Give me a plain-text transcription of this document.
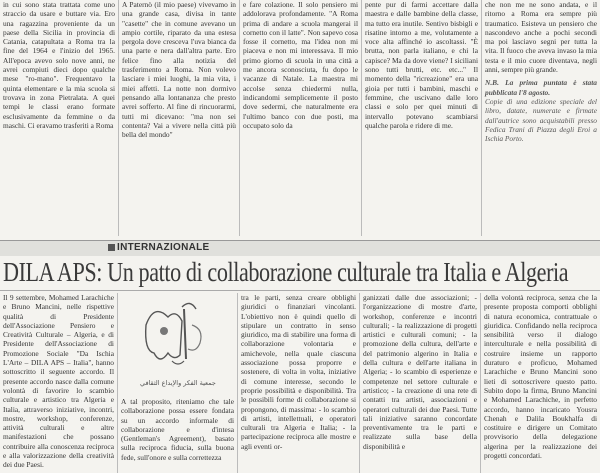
in cui sono stata trattata come uno straccio da usare e buttare via. Ero una ragazzina proveniente da un paese della Sicilia in provincia di Catania, catapultata a Roma tra la fine del 1964 e l'inizio del 1965. All'epoca avevo solo nove anni, ne avrei compiuti dieci dopo qualche mese "ro-mano". Frequentavo la quinta elementare e la mia scuola si trovava in zona Pietralata. A quei tempi le classi erano formate esclusivamente da femmine o da maschi. Ci eravamo trasferiti a Roma

A Paternò (il mio paese) vivevamo in una grande casa, divisa in tante "casette" che in comune avevano un ampio cortile, riparato da una estesa pergola dove cresceva l'uva bianca da una parte e nera dall'altra parte. Ero felice fino alla notizia del trasferimento a Roma. Non volevo lasciare i miei luoghi, la mia vita, i miei affetti. La notte non dormivo pensando alla lontananza che presto avrei sofferto. Al fine di rincuorarmi, tutti mi dicevano: "ma non sei contenta? Vai a vivere nella città più bella del mondo"

e fare colazione. Il solo pensiero mi addolorava profondamente. "A Roma prima di andare a scuola mangerai il cornetto con il latte". Non sapevo cosa fosse il cornetto, ma l'idea non mi piaceva e non mi interessava. Il mio primo giorno di scuola in una città a me ancora sconosciuta, fu dopo le vacanze di Natale. La maestra mi accolse senza chiedermi nulla, indicandomi semplicemente il posto dove sedermi, che naturalmente era l'ultimo banco con due posti, ma occupato solo da

pente pur di farmi accettare dalla maestra e dalle bambine della classe, ma tutto era inutile. Sentivo bisbigli e risatine intorno a me, volutamente a voce alta affinché io ascoltassi. "È brutta, non parla italiano, e chi la capisce? Ma da dove viene? I siciliani sono tutti brutti, etc. etc..." Il momento della "ricreazione" era una gioia per tutti i bambini, maschi e femmine, che uscivano dalle loro classi e solo per quei minuti di intervallo potevano scambiarsi qualche parola e ridere di me.

che non me ne sono andata, e il ritorno a Roma era sempre più traumatico. Esisteva un pensiero che nascondevo anche a pochi secondi ma poi lasciavo segni per tutta la vita. Il fuoco che aveva invaso la mia testa e il mio cuore diventava, negli anni, sempre più grande.

N.B. La prima puntata è stata pubblicata l'8 agosto.

Copie di una edizione speciale del libro, datate, numerate e firmate dall'autrice sono acquistabili presso Fedica Trani di Piazza degli Eroi a Ischia Porto.

INTERNAZIONALE
DILA APS: Un patto di collaborazione culturale tra Italia e Algeria

Il 9 settembre, Mohamed Larachiche e Bruno Mancini, nelle rispettive qualità di Presidente dell'Associazione Pensiero e Creatività Culturale – Algeria, e di Presidente dell'Associazione di Promozione Sociale "Da Ischia L'Arte – DILA APS – Italia", hanno sottoscritto il seguente accordo. Il presente accordo nasce dalla comune volontà di favorire lo scambio culturale e artistico tra Algeria e Italia, attraverso iniziative, incontri, mostre, workshop, conferenze, attività culturali e altre manifestazioni che possano contribuire alla conoscenza reciproca e alla valorizzazione della creatività dei due Paesi.

جمعية الفكر والإبداع الثقافي

A tal proposito, riteniamo che tale collaborazione possa essere fondata su un accordo informale di collaborazione e d'intesa (Gentleman's Agreement), basato sulla reciproca fiducia, sulla buona fede, sull'onore e sulla correttezza

tra le parti, senza creare obblighi giuridici o finanziari vincolanti. L'obiettivo non è quindi quello di stipulare un contratto in senso giuridico, ma di stabilire una forma di collaborazione volontaria e amichevole, nella quale ciascuna associazione possa proporre e sostenere, di volta in volta, iniziative di comune interesse, secondo le proprie possibilità e disponibilità. Tra le possibili forme di collaborazione si propongono, di massima: - lo scambio di artisti, intellettuali, e operatori culturali tra Algeria e Italia; - la partecipazione reciproca alle mostre e agli eventi or-

ganizzati dalle due associazioni; - l'organizzazione di mostre d'arte, workshop, conferenze e incontri culturali; - la realizzazione di progetti artistici e culturali comuni; - la promozione della cultura, dell'arte e del patrimonio algerino in Italia e della cultura e dell'arte italiana in Algeria; - lo scambio di esperienze e competenze nel settore culturale e artistico; - la creazione di una rete di contatti tra artisti, associazioni e operatori culturali dei due Paesi. Tutte tali iniziative saranno concordate preventivamente tra le parti e realizzate sulla base della disponibilità e

della volontà reciproca, senza che la presente proposta comporti obblighi di natura economica, contrattuale o giuridica. Confidando nella reciproca sensibilità verso il dialogo interculturale e nella possibilità di costruire insieme un rapporto duraturo e proficuo, Mohamed Larachiche e Bruno Mancini sono lieti di sottoscrivere questo patto. Subito dopo la firma, Bruno Mancini e Mohamed Larachiche, in perfetto accordo, hanno incaricato Yousra Chenah e Dalila Boukhalfa di costituire e dirigere un Comitato provvisorio della delegazione algerina per la realizzazione dei progetti concordati.
